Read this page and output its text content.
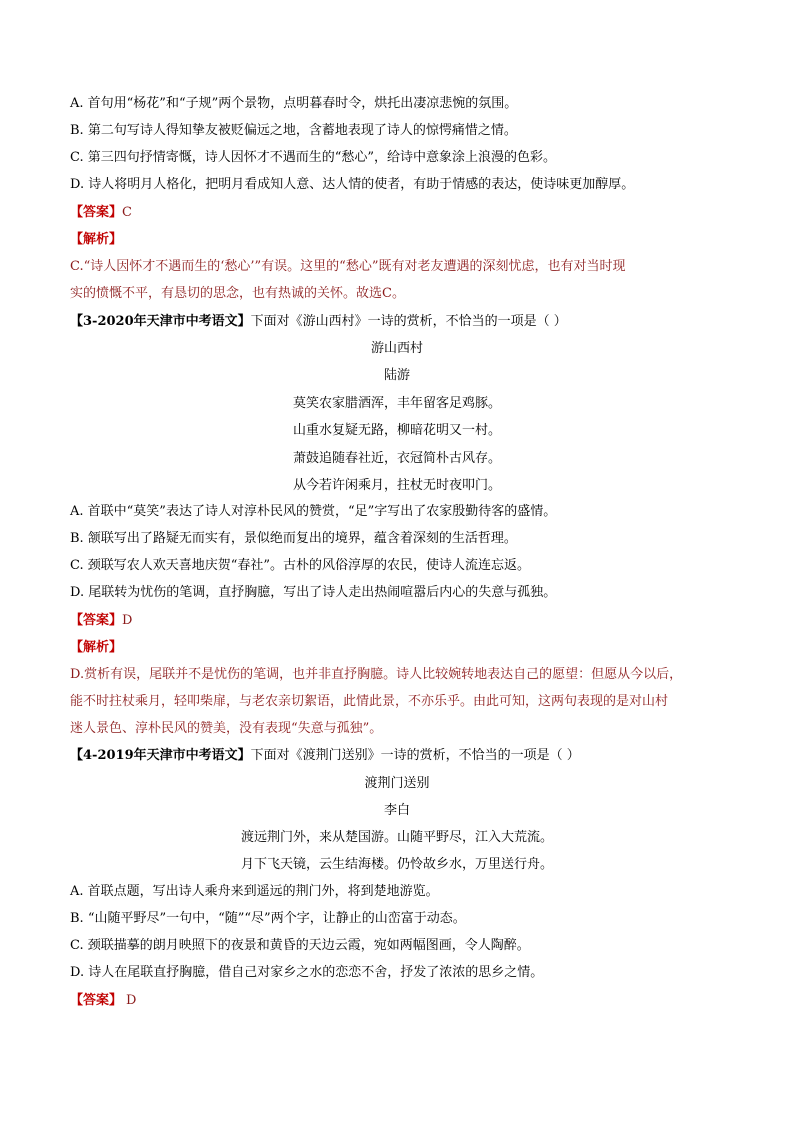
A. 首句用“杨花”和“子规”两个景物，点明暮春时令，烘托出凄凉悲惋的氛围。
B. 第二句写诗人得知挚友被贬偏远之地，含蓄地表现了诗人的惊愕痛惜之情。
C. 第三四句抒情寄慨，诗人因怀才不遇而生的“愁心”，给诗中意象涂上浪漫的色彩。
D. 诗人将明月人格化，把明月看成知人意、达人情的使者，有助于情感的表达，使诗味更加醇厚。
【答案】C
【解析】
C.“诗人因怀才不遇而生的‘愁心’”有误。这里的“愁心”既有对老友遭遇的深刻忧虑，也有对当时现
实的愤慨不平，有恳切的思念，也有热诚的关怀。故选C。
【3-2020年天津市中考语文】下面对《游山西村》一诗的赏析，不恰当的一项是（ ）
游山西村
陆游
莫笑农家腊酒浑，丰年留客足鸡豚。
山重水复疑无路，柳暗花明又一村。
萧鼓追随春社近，衣冠简朴古风存。
从今若许闲乘月，拄杖无时夜叩门。
A. 首联中“莫笑”表达了诗人对淳朴民风的赞赏，“足”字写出了农家殷勤待客的盛情。
B. 颔联写出了路疑无而实有，景似绝而复出的境界，蕴含着深刻的生活哲理。
C. 颈联写农人欢天喜地庆贺“春社”。古朴的风俗淳厚的农民，使诗人流连忘返。
D. 尾联转为忧伤的笔调，直抒胸臆，写出了诗人走出热闹喧嚣后内心的失意与孤独。
【答案】D
【解析】
D.赏析有误，尾联并不是忧伤的笔调，也并非直抒胸臆。诗人比较婉转地表达自己的愿望：但愿从今以后，
能不时拄杖乘月，轻叩柴扉，与老农亲切絮语，此情此景，不亦乐乎。由此可知，这两句表现的是对山村
迷人景色、淳朴民风的赞美，没有表现“失意与孤独”。
【4-2019年天津市中考语文】下面对《渡荆门送别》一诗的赏析，不恰当的一项是（ ）
渡荆门送别
李白
渡远荆门外，来从楚国游。山随平野尽，江入大荒流。
月下飞天镜，云生结海楼。仍怜故乡水，万里送行舟。
A. 首联点题，写出诗人乘舟来到遥远的荆门外，将到楚地游览。
B. “山随平野尽”一句中，“随”“尽”两个字，让静止的山峦富于动态。
C. 颈联描摹的朗月映照下的夜景和黄昏的天边云霞，宛如两幅图画，令人陶醉。
D. 诗人在尾联直抒胸臆，借自己对家乡之水的恋恋不舍，抒发了浓浓的思乡之情。
【答案】 D
